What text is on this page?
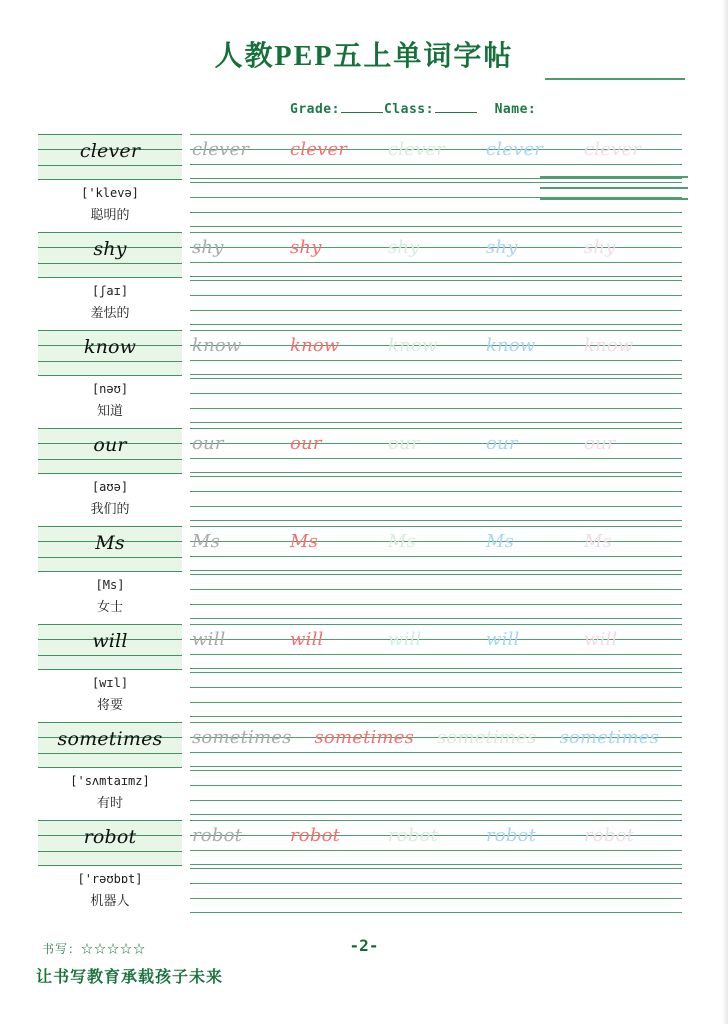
人教PEP五上单词字帖
Grade:	Class:	Name:
clever
['klevə]
聪明的
clever	clever	clever	clever	clever
shy
[ʃaɪ]
羞怯的
shy	shy	shy	shy	shy
know
[nəʊ]
知道
know	know	know	know	know
our
[aʊə]
我们的
our	our	our	our	our
Ms
[Ms]
女士
Ms	Ms	Ms	Ms	Ms
will
[wɪl]
将要
will	will	will	will	will
sometimes
['sʌmtaɪmz]
有时
sometimes	sometimes	sometimes	sometimes
robot
['rəʊbɒt]
机器人
robot	robot	robot	robot	robot
书写：☆☆☆☆☆	-2-
让书写教育承载孩子未来
